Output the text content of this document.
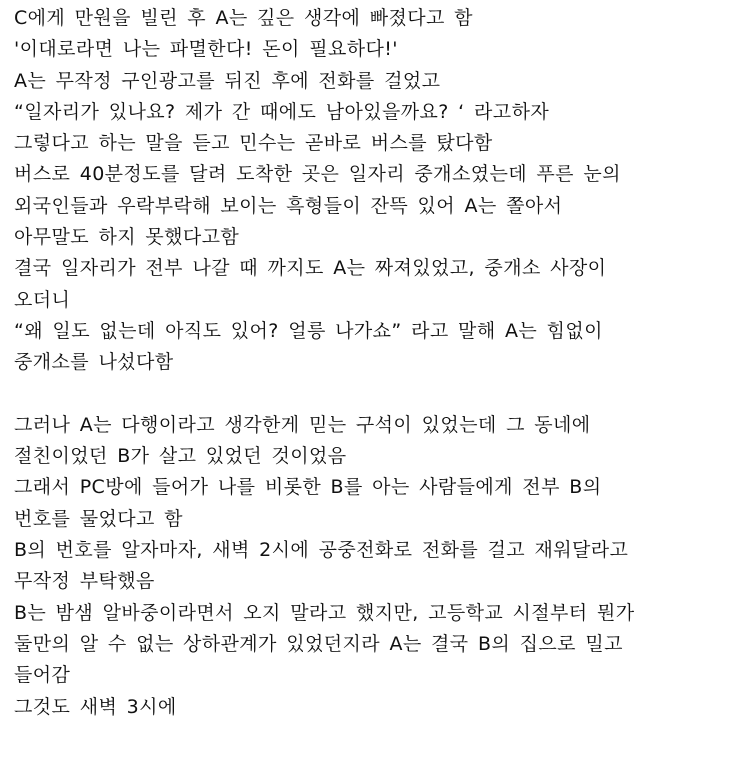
C에게 만원을 빌린 후 A는 깊은 생각에 빠졌다고 함
'이대로라면 나는 파멸한다! 돈이 필요하다!'
A는 무작정 구인광고를 뒤진 후에 전화를 걸었고
“일자리가 있나요? 제가 간 때에도 남아있을까요? ‘ 라고하자
그렇다고 하는 말을 듣고 민수는 곧바로 버스를 탔다함
버스로 40분정도를 달려 도착한 곳은 일자리 중개소였는데 푸른 눈의
외국인들과 우락부락해 보이는 흑형들이 잔뜩 있어 A는 쫄아서
아무말도 하지 못했다고함
결국 일자리가 전부 나갈 때 까지도 A는 짜져있었고, 중개소 사장이
오더니
“왜 일도 없는데 아직도 있어? 얼릉 나가쇼” 라고 말해 A는 힘없이
중개소를 나섰다함
그러나 A는 다행이라고 생각한게 믿는 구석이 있었는데 그 동네에
절친이었던 B가 살고 있었던 것이었음
그래서 PC방에 들어가 나를 비롯한 B를 아는 사람들에게 전부 B의
번호를 물었다고 함
B의 번호를 알자마자, 새벽 2시에 공중전화로 전화를 걸고 재워달라고
무작정 부탁했음
B는 밤샘 알바중이라면서 오지 말라고 했지만, 고등학교 시절부터 뭔가
둘만의 알 수 없는 상하관계가 있었던지라 A는 결국 B의 집으로 밀고
들어감
그것도 새벽 3시에
